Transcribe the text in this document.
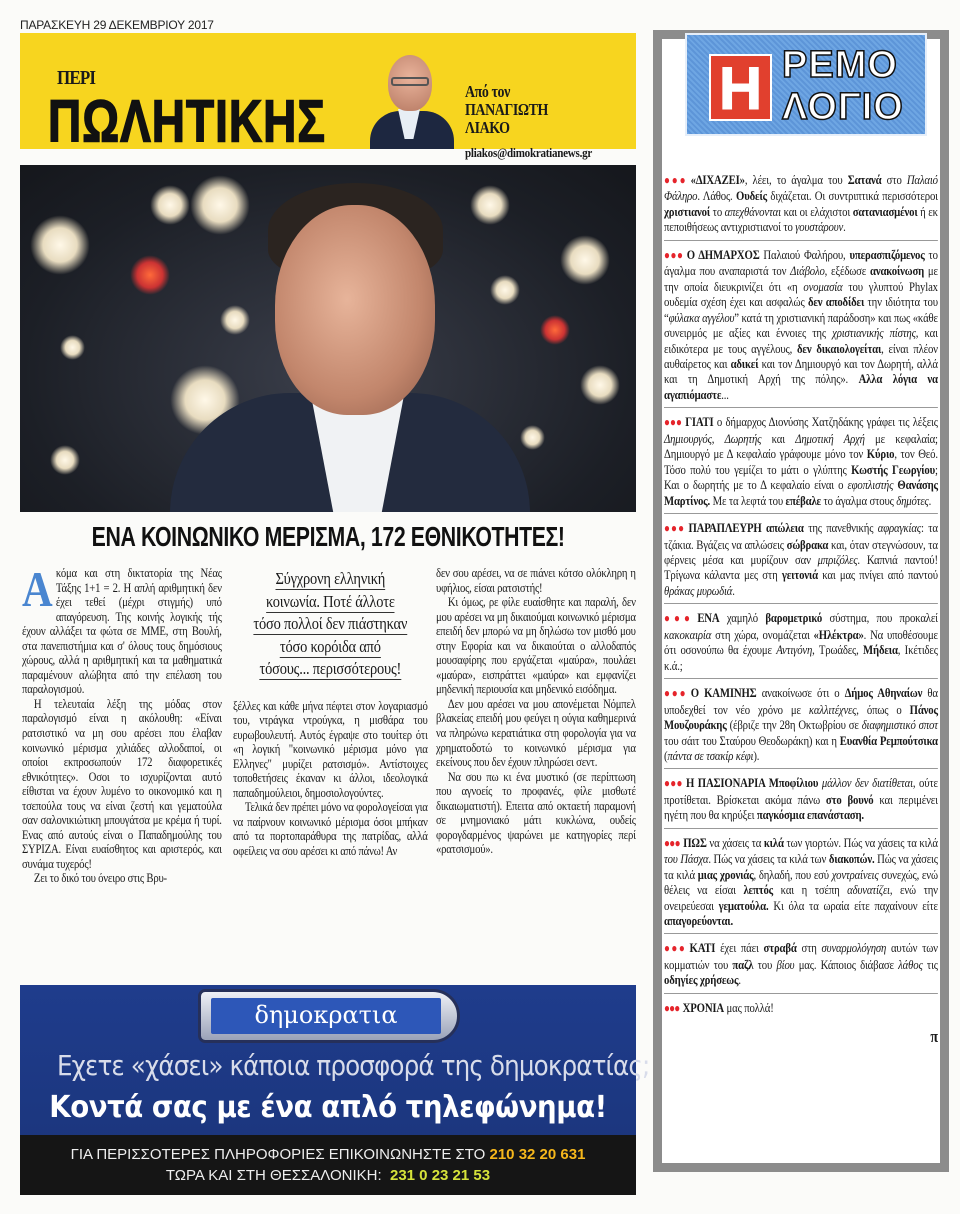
ΠΑΡΑΣΚΕΥΗ 29 ΔΕΚΕΜΒΡΙΟΥ 2017
ΠΕΡΙ
ΠΩΛΗΤΙΚΗΣ	Από τον
ΠΑΝΑΓΙΩΤΗ
ΛΙΑΚΟ
pliakos@dimokratianews.gr
ΕΝΑ ΚΟΙΝΩΝΙΚΟ ΜΕΡΙΣΜΑ, 172 ΕΘΝΙΚΟΤΗΤΕΣ!

Ακόμα και στη δικτατορία της Νέας Τάξης 1+1 = 2. Η απλή αριθμητική δεν έχει τεθεί (μέχρι στιγμής) υπό απαγόρευση. Της κοινής λογικής τής έχουν αλλάξει τα φώτα σε ΜΜΕ, στη Βουλή, στα πανεπιστήμια και σ' όλους τους δημόσιους χώρους, αλλά η αριθμητική και τα μαθηματικά παραμένουν αλώβητα από την επέλαση του παραλογισμού.

Η τελευταία λέξη της μόδας στον παραλογισμό είναι η ακόλουθη: «Είναι ρατσιστικό να μη σου αρέσει που έλαβαν κοινωνικό μέρισμα χιλιάδες αλλοδαποί, οι οποίοι εκπροσωπούν 172 διαφορετικές εθνικότητες». Οσοι το ισχυρίζονται αυτό είθισται να έχουν λυμένο το οικονομικό και η τσεπούλα τους να είναι ζεστή και γεματούλα σαν σαλονικιώτικη μπουγάτσα με κρέμα ή τυρί. Ενας από αυτούς είναι ο Παπαδημούλης του ΣΥΡΙΖΑ. Είναι ευαίσθητος και αριστερός, και συνάμα τυχερός!

Ζει το δικό του όνειρο στις Βρυ-

Σύγχρονη ελληνική
κοινωνία. Ποτέ άλλοτε
τόσο πολλοί δεν πιάστηκαν
τόσο κορόιδα από
τόσους... περισσότερους!

ξέλλες και κάθε μήνα πέφτει στον λογαριασμό του, ντράγκα ντρούγκα, η μισθάρα του ευρωβουλευτή. Αυτός έγραψε στο τουίτερ ότι «η λογική "κοινωνικό μέρισμα μόνο για Ελληνες" μυρίζει ρατσισμό». Αντίστοιχες τοποθετήσεις έκαναν κι άλλοι, ιδεολογικά παπαδημούλειοι, δημοσιολογούντες.

Τελικά δεν πρέπει μόνο να φορολογείσαι για να παίρνουν κοινωνικό μέρισμα όσοι μπήκαν από τα πορτοπαράθυρα της πατρίδας, αλλά οφείλεις να σου αρέσει κι από πάνω! Αν

δεν σου αρέσει, να σε πιάνει κότσο ολόκληρη η υφήλιος, είσαι ρατσιστής!

Κι όμως, ρε φίλε ευαίσθητε και παραλή, δεν μου αρέσει να μη δικαιούμαι κοινωνικό μέρισμα επειδή δεν μπορώ να μη δηλώσω τον μισθό μου στην Εφορία και να δικαιούται ο αλλοδαπός μουσαφίρης που εργάζεται «μαύρα», πουλάει «μαύρα», εισπράττει «μαύρα» και εμφανίζει μηδενική περιουσία και μηδενικό εισόδημα.

Δεν μου αρέσει να μου απονέμεται Νόμπελ βλακείας επειδή μου φεύγει η ούγια καθημερινά να πληρώνω κερατιάτικα στη φορολογία για να χρηματοδοτώ το κοινωνικό μέρισμα για εκείνους που δεν έχουν πληρώσει σεντ.

Να σου πω κι ένα μυστικό (σε περίπτωση που αγνοείς το προφανές, φίλε μισθωτέ δικαιωματιστή). Επειτα από οκταετή παραμονή σε μνημονιακό μάτι κυκλώνα, ουδείς φορογδαρμένος ψαρώνει με κατηγορίες περί «ρατσισμού».

δημοκρατια
Εχετε «χάσει» κάποια προσφορά της δημοκρατίας;
Κοντά σας με ένα απλό τηλεφώνημα!
ΓΙΑ ΠΕΡΙΣΣΟΤΕΡΕΣ ΠΛΗΡΟΦΟΡΙΕΣ ΕΠΙΚΟΙΝΩΝΗΣΤΕ ΣΤΟ 210 32 20 631
ΤΩΡΑ ΚΑΙ ΣΤΗ ΘΕΣΣΑΛΟΝΙΚΗ: 231 0 23 21 53
Η ΡΕΜΟ
ΛΟΓΙΟ
●●● «ΔΙΧΑΖΕΙ», λέει, το άγαλμα του Σατανά στο Παλαιό Φάληρο. Λάθος. Ουδείς διχάζεται. Οι συντριπτικά περισσότεροι χριστιανοί το απεχθάνονται και οι ελάχιστοι σατανιασμένοι ή εκ πεποιθήσεως αντιχριστιανοί το γουστάρουν.
●●● Ο ΔΗΜΑΡΧΟΣ Παλαιού Φαλήρου, υπερασπιζόμενος το άγαλμα που αναπαριστά τον Διάβολο, εξέδωσε ανακοίνωση με την οποία διευκρινίζει ότι «η ονομασία του γλυπτού Phylax ουδεμία σχέση έχει και ασφαλώς δεν αποδίδει την ιδιότητα του “φύλακα αγγέλου” κατά τη χριστιανική παράδοση» και πως «κάθε συνειρμός με αξίες και έννοιες της χριστιανικής πίστης, και ειδικότερα με τους αγγέλους, δεν δικαιολογείται, είναι πλέον αυθαίρετος και αδικεί και τον Δημιουργό και τον Δωρητή, αλλά και τη Δημοτική Αρχή της πόλης». Αλλα λόγια να αγαπιόμαστε...
●●● ΓΙΑΤΙ ο δήμαρχος Διονύσης Χατζηδάκης γράφει τις λέξεις Δημιουργός, Δωρητής και Δημοτική Αρχή με κεφαλαία; Δημιουργό με Δ κεφαλαίο γράφουμε μόνο τον Κύριο, τον Θεό. Τόσο πολύ του γεμίζει το μάτι ο γλύπτης Κωστής Γεωργίου; Και ο δωρητής με το Δ κεφαλαίο είναι ο εφοπλιστής Θανάσης Μαρτίνος. Με τα λεφτά του επέβαλε το άγαλμα στους δημότες.
●●● ΠΑΡΑΠΛΕΥΡΗ απώλεια της πανεθνικής αφραγκίας: τα τζάκια. Βγάζεις να απλώσεις σώβρακα και, όταν στεγνώσουν, τα φέρνεις μέσα και μυρίζουν σαν μπριζόλες. Καπνιά παντού! Τρίγωνα κάλαντα μες στη γειτονιά και μας πνίγει από παντού θράκας μυρωδιά.
●●● ΕΝΑ χαμηλό βαρομετρικό σύστημα, που προκαλεί κακοκαιρία στη χώρα, ονομάζεται «Ηλέκτρα». Να υποθέσουμε ότι οσονούπω θα έχουμε Αντιγόνη, Τρωάδες, Μήδεια, Ικέτιδες κ.ά.;
●●● Ο ΚΑΜΙΝΗΣ ανακοίνωσε ότι ο Δήμος Αθηναίων θα υποδεχθεί τον νέο χρόνο με καλλιτέχνες, όπως ο Πάνος Μουζουράκης (έβριζε την 28η Οκτωβρίου σε διαφημιστικό σποτ του σάιτ του Σταύρου Θεοδωράκη) και η Ευανθία Ρεμπούτσικα (πάντα σε τσακίρ κέφι).
●●● Η ΠΑΣΙΟΝΑΡΙΑ Μποφίλιου μάλλον δεν διατίθεται, ούτε προτίθεται. Βρίσκεται ακόμα πάνω στο βουνό και περιμένει ηγέτη που θα κηρύξει παγκόσμια επανάσταση.
●●● ΠΩΣ να χάσεις τα κιλά των γιορτών. Πώς να χάσεις τα κιλά του Πάσχα. Πώς να χάσεις τα κιλά των διακοπών. Πώς να χάσεις τα κιλά μιας χρονιάς, δηλαδή, που εσύ χοντραίνεις συνεχώς, ενώ θέλεις να είσαι λεπτός και η τσέπη αδυνατίζει, ενώ την ονειρεύεσαι γεματούλα. Κι όλα τα ωραία είτε παχαίνουν είτε απαγορεύονται.
●●● ΚΑΤΙ έχει πάει στραβά στη συναρμολόγηση αυτών των κομματιών του παζλ του βίου μας. Κάποιος διάβασε λάθος τις οδηγίες χρήσεως.
●●● ΧΡΟΝΙΑ μας πολλά!
π
